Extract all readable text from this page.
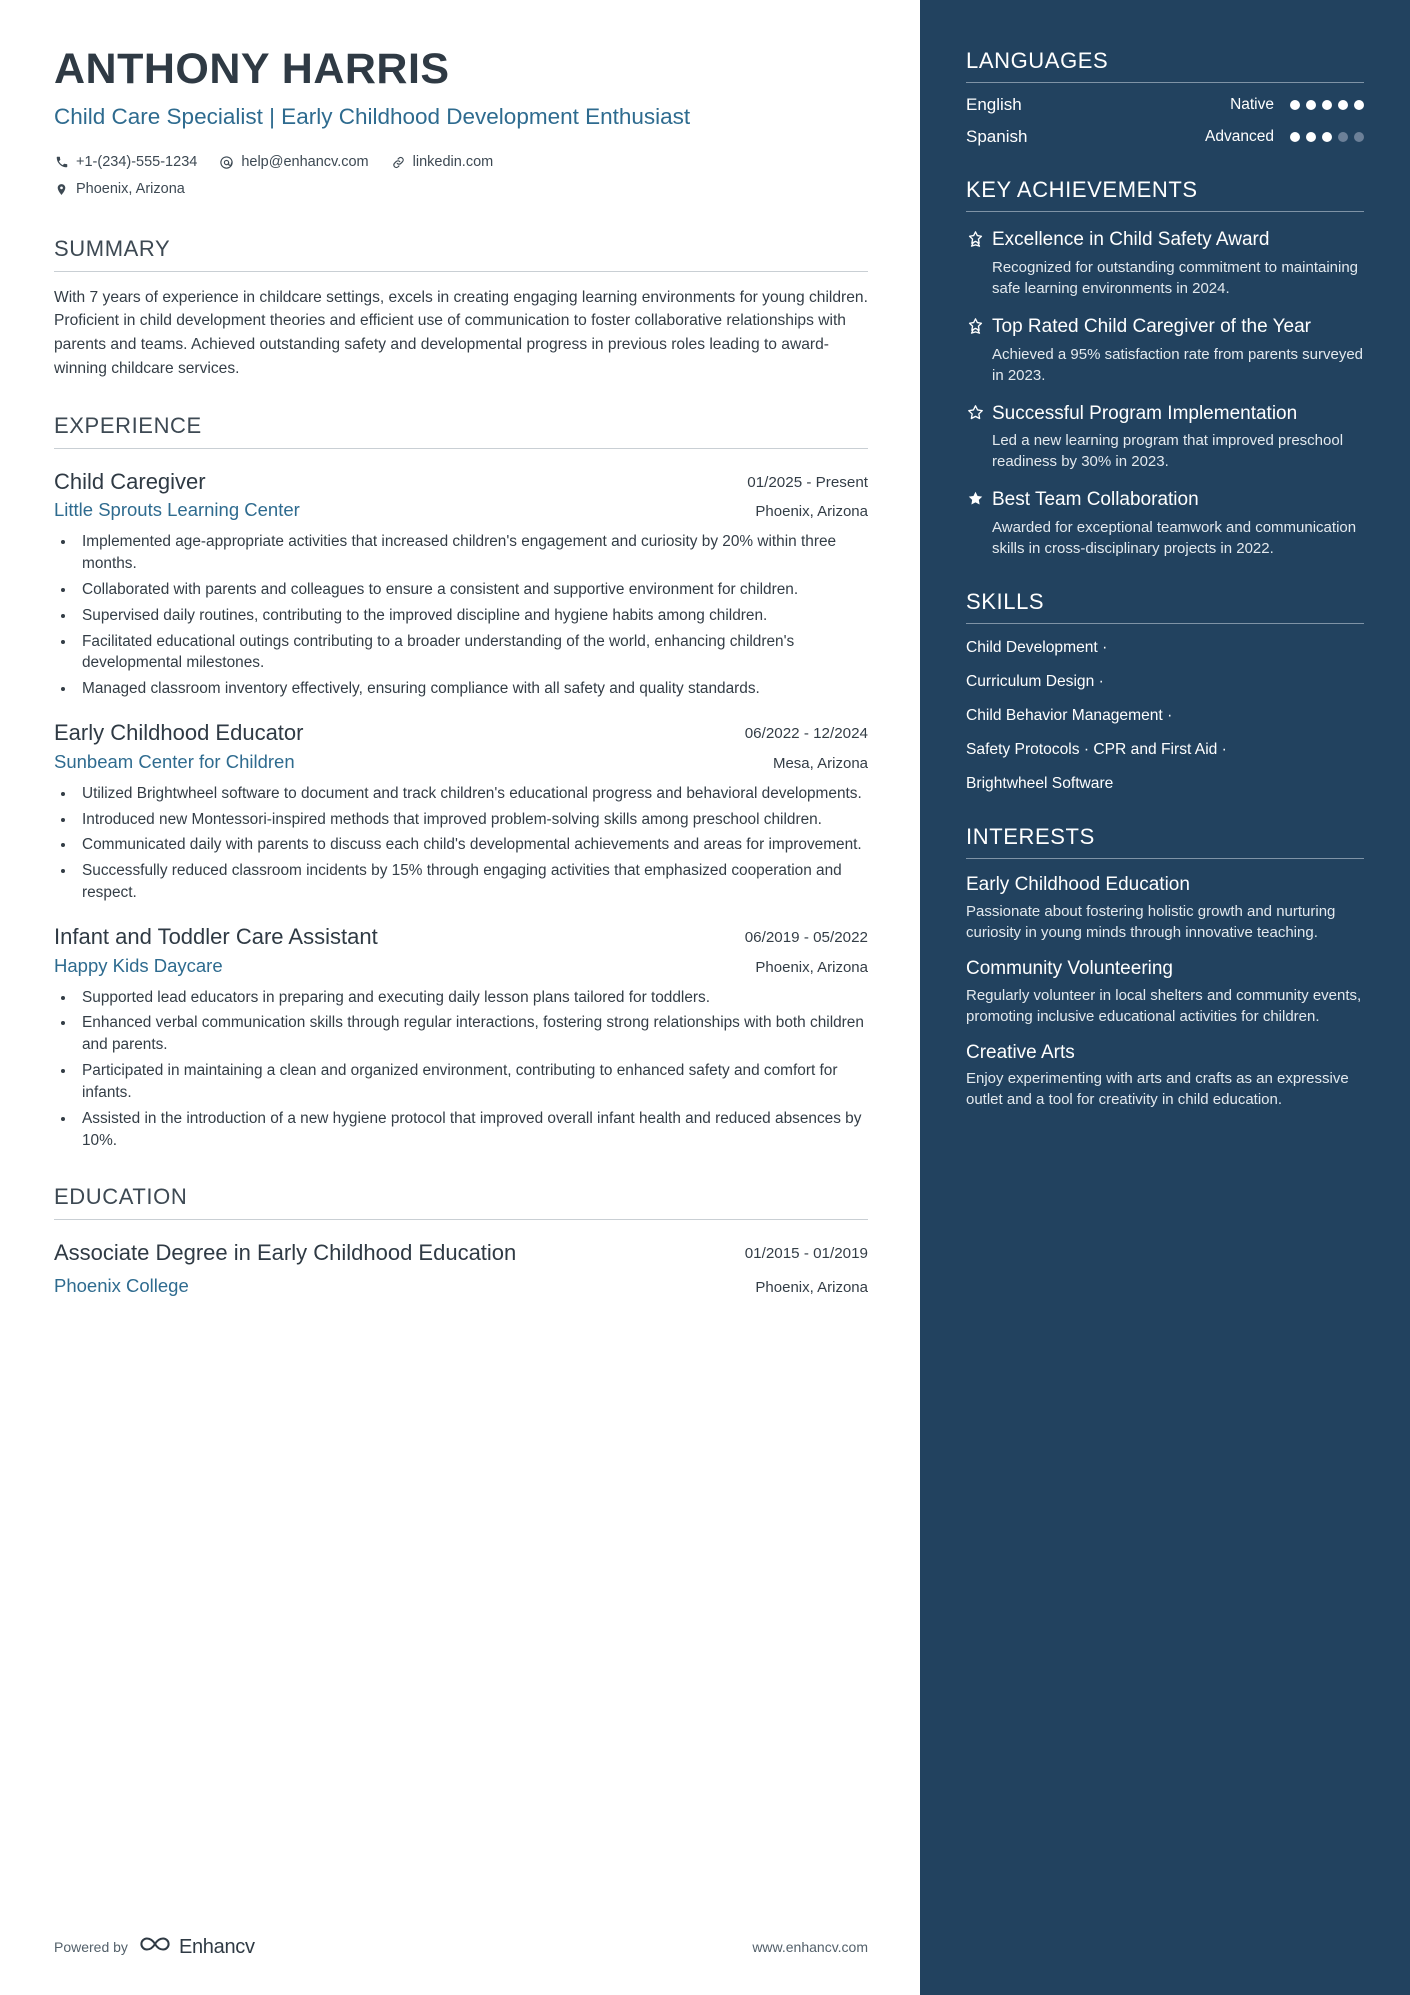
ANTHONY HARRIS
Child Care Specialist | Early Childhood Development Enthusiast
+1-(234)-555-1234	help@enhancv.com	linkedin.com
Phoenix, Arizona
SUMMARY
With 7 years of experience in childcare settings, excels in creating engaging learning environments for young children. Proficient in child development theories and efficient use of communication to foster collaborative relationships with parents and teams. Achieved outstanding safety and developmental progress in previous roles leading to award-winning childcare services.
EXPERIENCE
Child Caregiver	01/2025 - Present
Little Sprouts Learning Center	Phoenix, Arizona
• Implemented age-appropriate activities that increased children's engagement and curiosity by 20% within three months.
• Collaborated with parents and colleagues to ensure a consistent and supportive environment for children.
• Supervised daily routines, contributing to the improved discipline and hygiene habits among children.
• Facilitated educational outings contributing to a broader understanding of the world, enhancing children's developmental milestones.
• Managed classroom inventory effectively, ensuring compliance with all safety and quality standards.
Early Childhood Educator	06/2022 - 12/2024
Sunbeam Center for Children	Mesa, Arizona
• Utilized Brightwheel software to document and track children's educational progress and behavioral developments.
• Introduced new Montessori-inspired methods that improved problem-solving skills among preschool children.
• Communicated daily with parents to discuss each child's developmental achievements and areas for improvement.
• Successfully reduced classroom incidents by 15% through engaging activities that emphasized cooperation and respect.
Infant and Toddler Care Assistant	06/2019 - 05/2022
Happy Kids Daycare	Phoenix, Arizona
• Supported lead educators in preparing and executing daily lesson plans tailored for toddlers.
• Enhanced verbal communication skills through regular interactions, fostering strong relationships with both children and parents.
• Participated in maintaining a clean and organized environment, contributing to enhanced safety and comfort for infants.
• Assisted in the introduction of a new hygiene protocol that improved overall infant health and reduced absences by 10%.
EDUCATION
Associate Degree in Early Childhood Education	01/2015 - 01/2019
Phoenix College	Phoenix, Arizona
Powered by	Enhancv	www.enhancv.com
LANGUAGES
English	Native
Spanish	Advanced
KEY ACHIEVEMENTS
Excellence in Child Safety Award
Recognized for outstanding commitment to maintaining safe learning environments in 2024.
Top Rated Child Caregiver of the Year
Achieved a 95% satisfaction rate from parents surveyed in 2023.
Successful Program Implementation
Led a new learning program that improved preschool readiness by 30% in 2023.
Best Team Collaboration
Awarded for exceptional teamwork and communication skills in cross-disciplinary projects in 2022.
SKILLS
Child Development ·
Curriculum Design ·
Child Behavior Management ·
Safety Protocols · CPR and First Aid ·
Brightwheel Software
INTERESTS
Early Childhood Education
Passionate about fostering holistic growth and nurturing curiosity in young minds through innovative teaching.
Community Volunteering
Regularly volunteer in local shelters and community events, promoting inclusive educational activities for children.
Creative Arts
Enjoy experimenting with arts and crafts as an expressive outlet and a tool for creativity in child education.
